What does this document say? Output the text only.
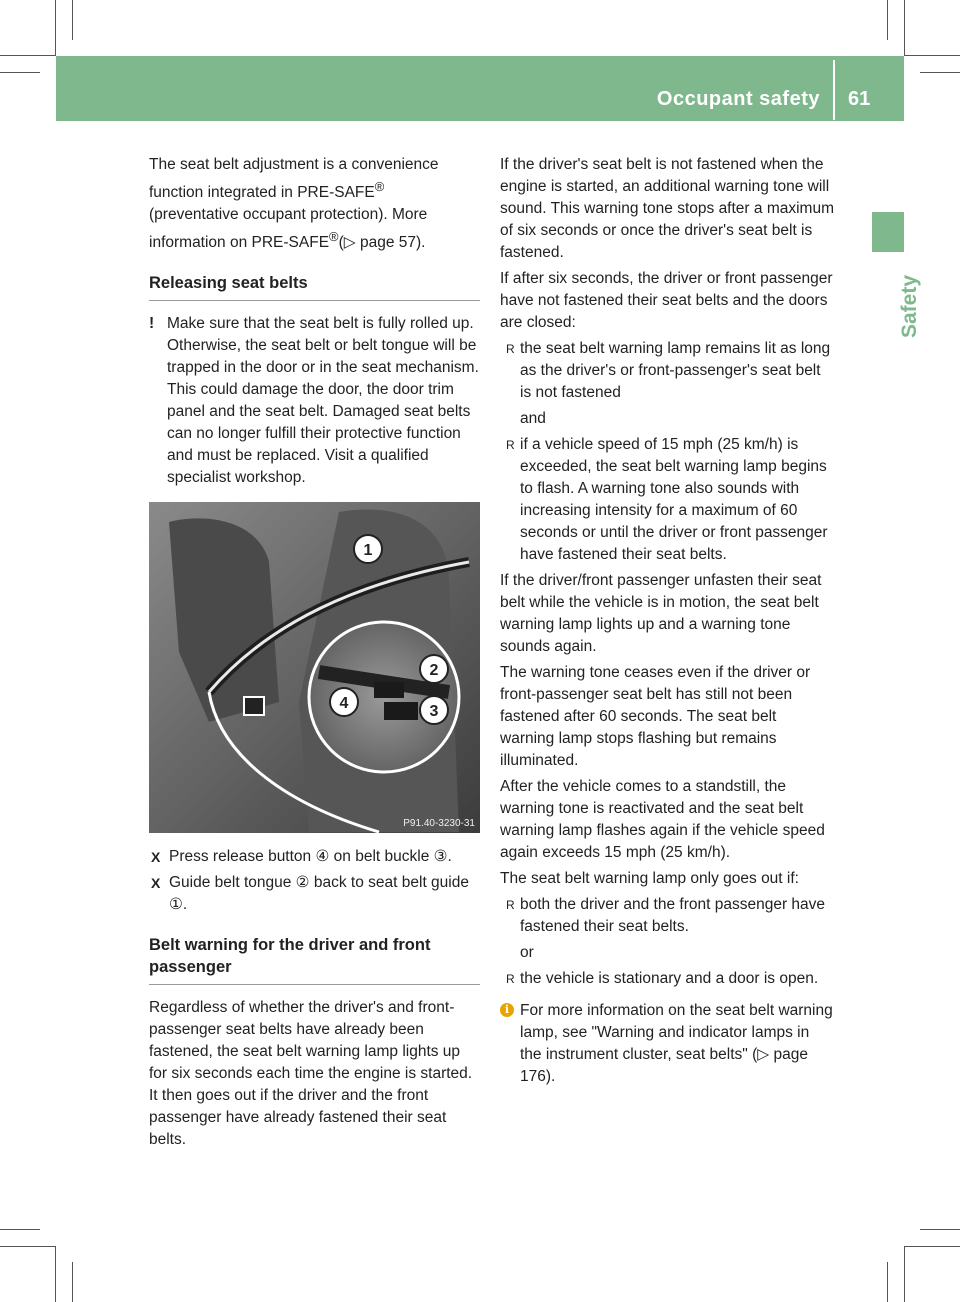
Occupant safety 61
Safety

The seat belt adjustment is a convenience
function integrated in PRE-SAFE®
(preventative occupant protection). More
information on PRE-SAFE®(▷ page 57).

Releasing seat belts
! Make sure that the seat belt is fully rolled up. Otherwise, the seat belt or belt tongue will be trapped in the door or in the seat mechanism. This could damage the door, the door trim panel and the seat belt. Damaged seat belts can no longer fulfill their protective function and must be replaced. Visit a qualified specialist workshop.
1
2
3
4
P91.40-3230-31
X Press release button ④ on belt buckle ③.
X Guide belt tongue ② back to seat belt guide ①.
Belt warning for the driver and front passenger

Regardless of whether the driver's and front-passenger seat belts have already been fastened, the seat belt warning lamp lights up for six seconds each time the engine is started. It then goes out if the driver and the front passenger have already fastened their seat belts.

If the driver's seat belt is not fastened when the engine is started, an additional warning tone will sound. This warning tone stops after a maximum of six seconds or once the driver's seat belt is fastened.

If after six seconds, the driver or front passenger have not fastened their seat belts and the doors are closed:

R the seat belt warning lamp remains lit as long as the driver's or front-passenger's seat belt is not fastened
and
R if a vehicle speed of 15 mph (25 km/h) is exceeded, the seat belt warning lamp begins to flash. A warning tone also sounds with increasing intensity for a maximum of 60 seconds or until the driver or front passenger have fastened their seat belts.

If the driver/front passenger unfasten their seat belt while the vehicle is in motion, the seat belt warning lamp lights up and a warning tone sounds again.

The warning tone ceases even if the driver or front-passenger seat belt has still not been fastened after 60 seconds. The seat belt warning lamp stops flashing but remains illuminated.

After the vehicle comes to a standstill, the warning tone is reactivated and the seat belt warning lamp flashes again if the vehicle speed again exceeds 15 mph (25 km/h).

The seat belt warning lamp only goes out if:

R both the driver and the front passenger have fastened their seat belts.
or
R the vehicle is stationary and a door is open.
i For more information on the seat belt warning lamp, see "Warning and indicator lamps in the instrument cluster, seat belts" (▷ page 176).
